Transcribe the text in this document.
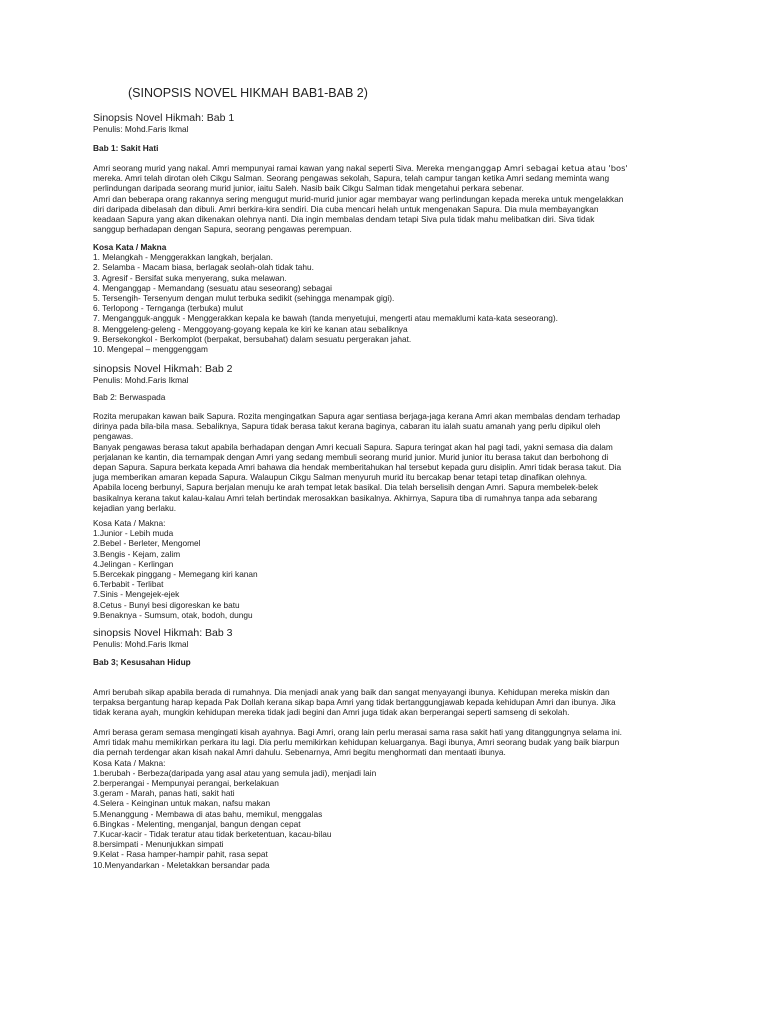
(SINOPSIS NOVEL HIKMAH BAB1-BAB 2)
Sinopsis Novel Hikmah: Bab 1
Penulis: Mohd.Faris Ikmal
Bab 1: Sakit Hati
Amri seorang murid yang nakal. Amri mempunyai ramai kawan yang nakal seperti Siva. Mereka menganggap Amri sebagai ketua atau 'bos'
mereka. Amri telah dirotan oleh Cikgu Salman. Seorang pengawas sekolah, Sapura, telah campur tangan ketika Amri sedang meminta wang
perlindungan daripada seorang murid junior, iaitu Saleh. Nasib baik Cikgu Salman tidak mengetahui perkara sebenar.
Amri dan beberapa orang rakannya sering mengugut murid-murid junior agar membayar wang perlindungan kepada mereka untuk mengelakkan
diri daripada dibelasah dan dibuli. Amri berkira-kira sendiri. Dia cuba mencari helah untuk mengenakan Sapura. Dia mula membayangkan
keadaan Sapura yang akan dikenakan olehnya nanti. Dia ingin membalas dendam tetapi Siva pula tidak mahu melibatkan diri. Siva tidak
sanggup berhadapan dengan Sapura, seorang pengawas perempuan.
Kosa Kata / Makna
1. Melangkah - Menggerakkan langkah, berjalan.
2. Selamba - Macam biasa, berlagak seolah-olah tidak tahu.
3. Agresif - Bersifat suka menyerang, suka melawan.
4. Menganggap - Memandang (sesuatu atau seseorang) sebagai
5. Tersengih- Tersenyum dengan mulut terbuka sedikit (sehingga menampak gigi).
6. Terlopong - Ternganga (terbuka) mulut
7. Mengangguk-angguk - Menggerakkan kepala ke bawah (tanda menyetujui, mengerti atau memaklumi kata-kata seseorang).
8. Menggeleng-geleng - Menggoyang-goyang kepala ke kiri ke kanan atau sebaliknya
9. Bersekongkol - Berkomplot (berpakat, bersubahat) dalam sesuatu pergerakan jahat.
10. Mengepal – menggenggam
sinopsis Novel Hikmah: Bab 2
Penulis: Mohd.Faris Ikmal
Bab 2: Berwaspada
Rozita merupakan kawan baik Sapura. Rozita mengingatkan Sapura agar sentiasa berjaga-jaga kerana Amri akan membalas dendam terhadap
dirinya pada bila-bila masa. Sebaliknya, Sapura tidak berasa takut kerana baginya, cabaran itu ialah suatu amanah yang perlu dipikul oleh
pengawas.
Banyak pengawas berasa takut apabila berhadapan dengan Amri kecuali Sapura. Sapura teringat akan hal pagi tadi, yakni semasa dia dalam
perjalanan ke kantin, dia ternampak dengan Amri yang sedang membuli seorang murid junior. Murid junior itu berasa takut dan berbohong di
depan Sapura. Sapura berkata kepada Amri bahawa dia hendak memberitahukan hal tersebut kepada guru disiplin. Amri tidak berasa takut. Dia
juga memberikan amaran kepada Sapura. Walaupun Cikgu Salman menyuruh murid itu bercakap benar tetapi tetap dinafikan olehnya.
Apabila loceng berbunyi, Sapura berjalan menuju ke arah tempat letak basikal. Dia telah berselisih dengan Amri. Sapura membelek-belek
basikalnya kerana takut kalau-kalau Amri telah bertindak merosakkan basikalnya. Akhirnya, Sapura tiba di rumahnya tanpa ada sebarang
kejadian yang berlaku.
Kosa Kata / Makna:
1.Junior - Lebih muda
2.Bebel - Berleter, Mengomel
3.Bengis - Kejam, zalim
4.Jelingan - Kerlingan
5.Bercekak pinggang - Memegang kiri kanan
6.Terbabit - Terlibat
7.Sinis - Mengejek-ejek
8.Cetus - Bunyi besi digoreskan ke batu
9.Benaknya - Sumsum, otak, bodoh, dungu
sinopsis Novel Hikmah: Bab 3
Penulis: Mohd.Faris Ikmal
Bab 3; Kesusahan Hidup
Amri berubah sikap apabila berada di rumahnya. Dia menjadi anak yang baik dan sangat menyayangi ibunya. Kehidupan mereka miskin dan
terpaksa bergantung harap kepada Pak Dollah kerana sikap bapa Amri yang tidak bertanggungjawab kepada kehidupan Amri dan ibunya. Jika
tidak kerana ayah, mungkin kehidupan mereka tidak jadi begini dan Amri juga tidak akan berperangai seperti samseng di sekolah.
Amri berasa geram semasa mengingati kisah ayahnya. Bagi Amri, orang lain perlu merasai sama rasa sakit hati yang ditanggungnya selama ini.
Amri tidak mahu memikirkan perkara itu lagi. Dia perlu memikirkan kehidupan keluarganya. Bagi ibunya, Amri seorang budak yang baik biarpun
dia pernah terdengar akan kisah nakal Amri dahulu. Sebenarnya, Amri begitu menghormati dan mentaati ibunya.
Kosa Kata / Makna:
1.berubah - Berbeza(daripada yang asal atau yang semula jadi), menjadi lain
2.berperangai - Mempunyai perangai, berkelakuan
3.geram - Marah, panas hati, sakit hati
4.Selera - Keinginan untuk makan, nafsu makan
5.Menanggung - Membawa di atas bahu, memikul, menggalas
6.Bingkas - Melenting, menganjal, bangun dengan cepat
7.Kucar-kacir - Tidak teratur atau tidak berketentuan, kacau-bilau
8.bersimpati - Menunjukkan simpati
9.Kelat - Rasa hamper-hampir pahit, rasa sepat
10.Menyandarkan - Meletakkan bersandar pada
